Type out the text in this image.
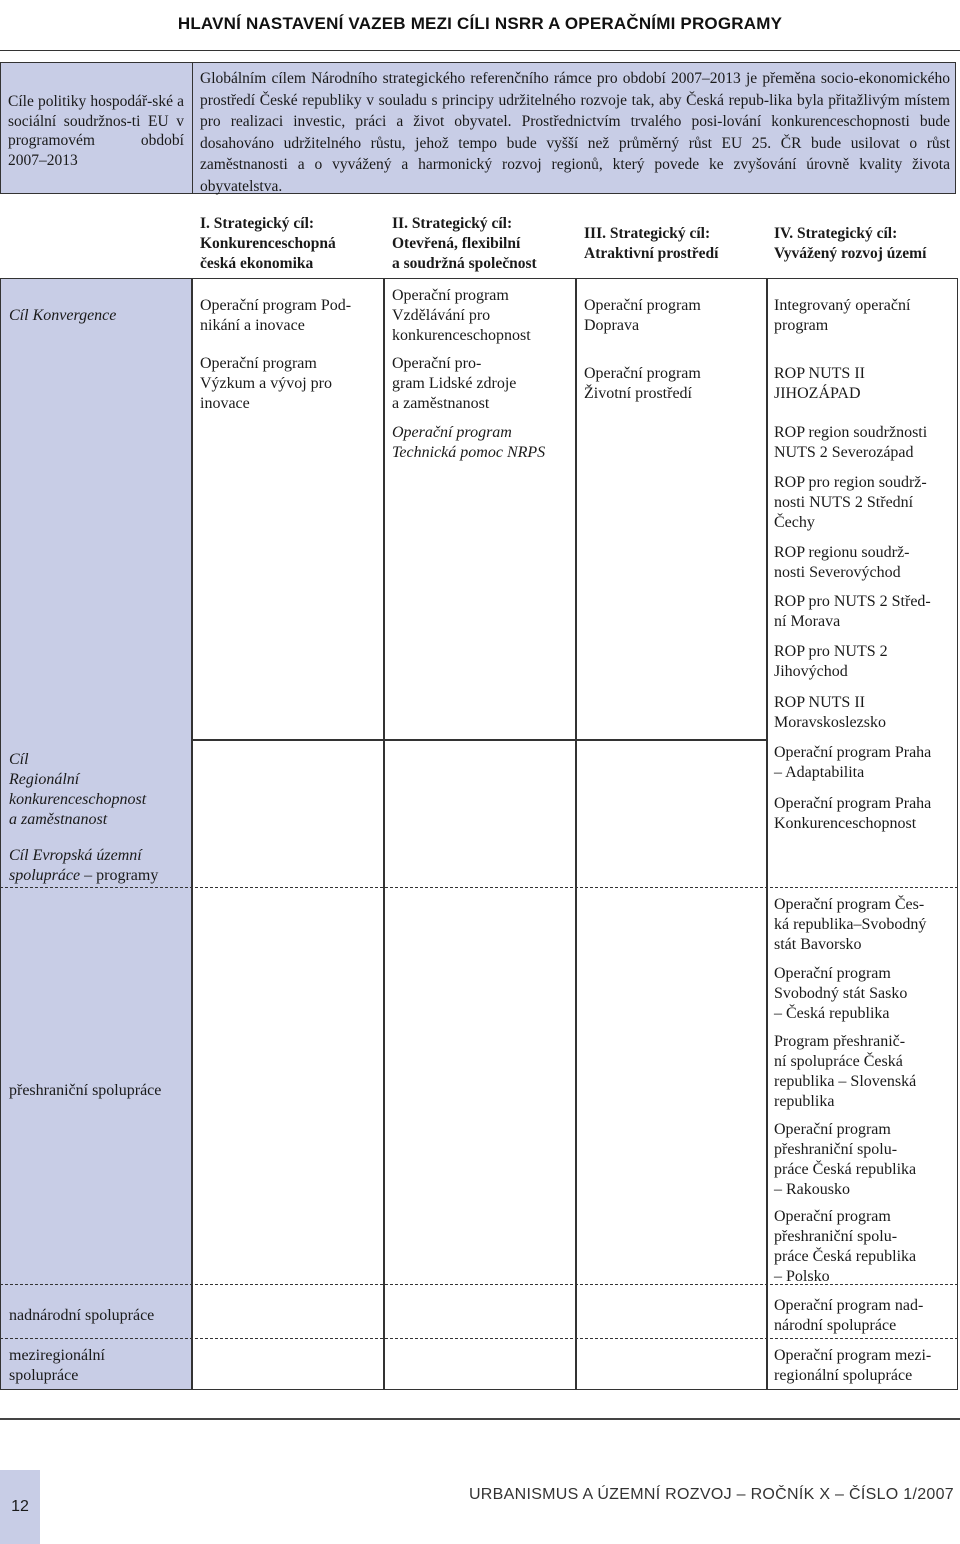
HLAVNÍ NASTAVENÍ VAZEB MEZI CÍLI NSRR A OPERAČNÍMI PROGRAMY
Cíle politiky hospodář-ské a sociální soudržnos-ti EU v programovém období 2007–2013
Globálním cílem Národního strategického referenčního rámce pro období 2007–2013 je přeměna socio-ekonomického prostředí České republiky v souladu s principy udržitelného rozvoje tak, aby Česká repub-lika byla přitažlivým místem pro realizaci investic, práci a život obyvatel. Prostřednictvím trvalého posi-lování konkurenceschopnosti bude dosahováno udržitelného růstu, jehož tempo bude vyšší než průměrný růst EU 25. ČR bude usilovat o růst zaměstnanosti a o vyvážený a harmonický rozvoj regionů, který povede ke zvyšování úrovně kvality života obyvatelstva.
I. Strategický cíl:
Konkurenceschopná
česká ekonomika
II. Strategický cíl:
Otevřená, flexibilní
a soudržná společnost
III. Strategický cíl:
Atraktivní prostředí
IV. Strategický cíl:
Vyvážený rozvoj území
Cíl Konvergence
Cíl
Regionální
konkurenceschopnost
a zaměstnanost
Cíl Evropská územní
spolupráce – programy
přeshraniční spolupráce
nadnárodní spolupráce
meziregionální
spolupráce
Operační program Pod-
nikání a inovace
Operační program
Výzkum a vývoj pro
inovace
Operační program
Vzdělávání pro
konkurenceschopnost
Operační pro-
gram Lidské zdroje
a zaměstnanost
Operační program
Technická pomoc NRPS
Operační program
Doprava
Operační program
Životní prostředí
Integrovaný operační
program
ROP NUTS II
JIHOZÁPAD
ROP region soudržnosti
NUTS 2 Severozápad
ROP pro region soudrž-
nosti NUTS 2 Střední
Čechy
ROP regionu soudrž-
nosti Severovýchod
ROP pro NUTS 2 Střed-
ní Morava
ROP pro NUTS 2
Jihovýchod
ROP NUTS II
Moravskoslezsko
Operační program Praha
– Adaptabilita
Operační program Praha
Konkurenceschopnost
Operační program Čes-
ká republika–Svobodný
stát Bavorsko
Operační program
Svobodný stát Sasko
– Česká republika
Program přeshranič-
ní spolupráce Česká
republika – Slovenská
republika
Operační program
přeshraniční spolu-
práce Česká republika
– Rakousko
Operační program
přeshraniční spolu-
práce Česká republika
– Polsko
Operační program nad-
národní spolupráce
Operační program mezi-
regionální spolupráce
12
URBANISMUS A ÚZEMNÍ ROZVOJ – ROČNÍK X – ČÍSLO 1/2007
